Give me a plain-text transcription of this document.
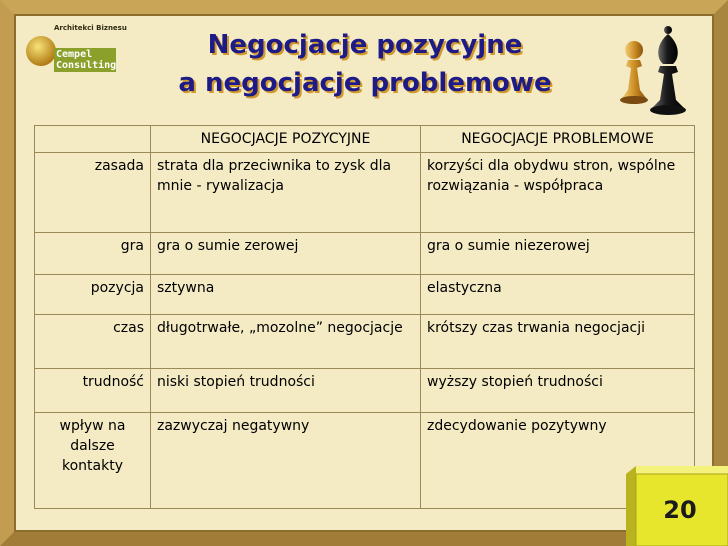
Architekci Biznesu
Cempel
Consulting
Negocjacje pozycyjne
a negocjacje problemowe
	NEGOCJACJE POZYCYJNE	NEGOCJACJE PROBLEMOWE
zasada	strata dla przeciwnika to zysk dla mnie - rywalizacja	korzyści dla obydwu stron, wspólne rozwiązania - współpraca
gra	gra o sumie zerowej	gra o sumie niezerowej
pozycja	sztywna	elastyczna
czas	długotrwałe, „mozolne” negocjacje	krótszy czas trwania negocjacji
trudność	niski stopień trudności	wyższy stopień trudności
wpływ na dalsze kontakty	zazwyczaj negatywny	zdecydowanie pozytywny
20
